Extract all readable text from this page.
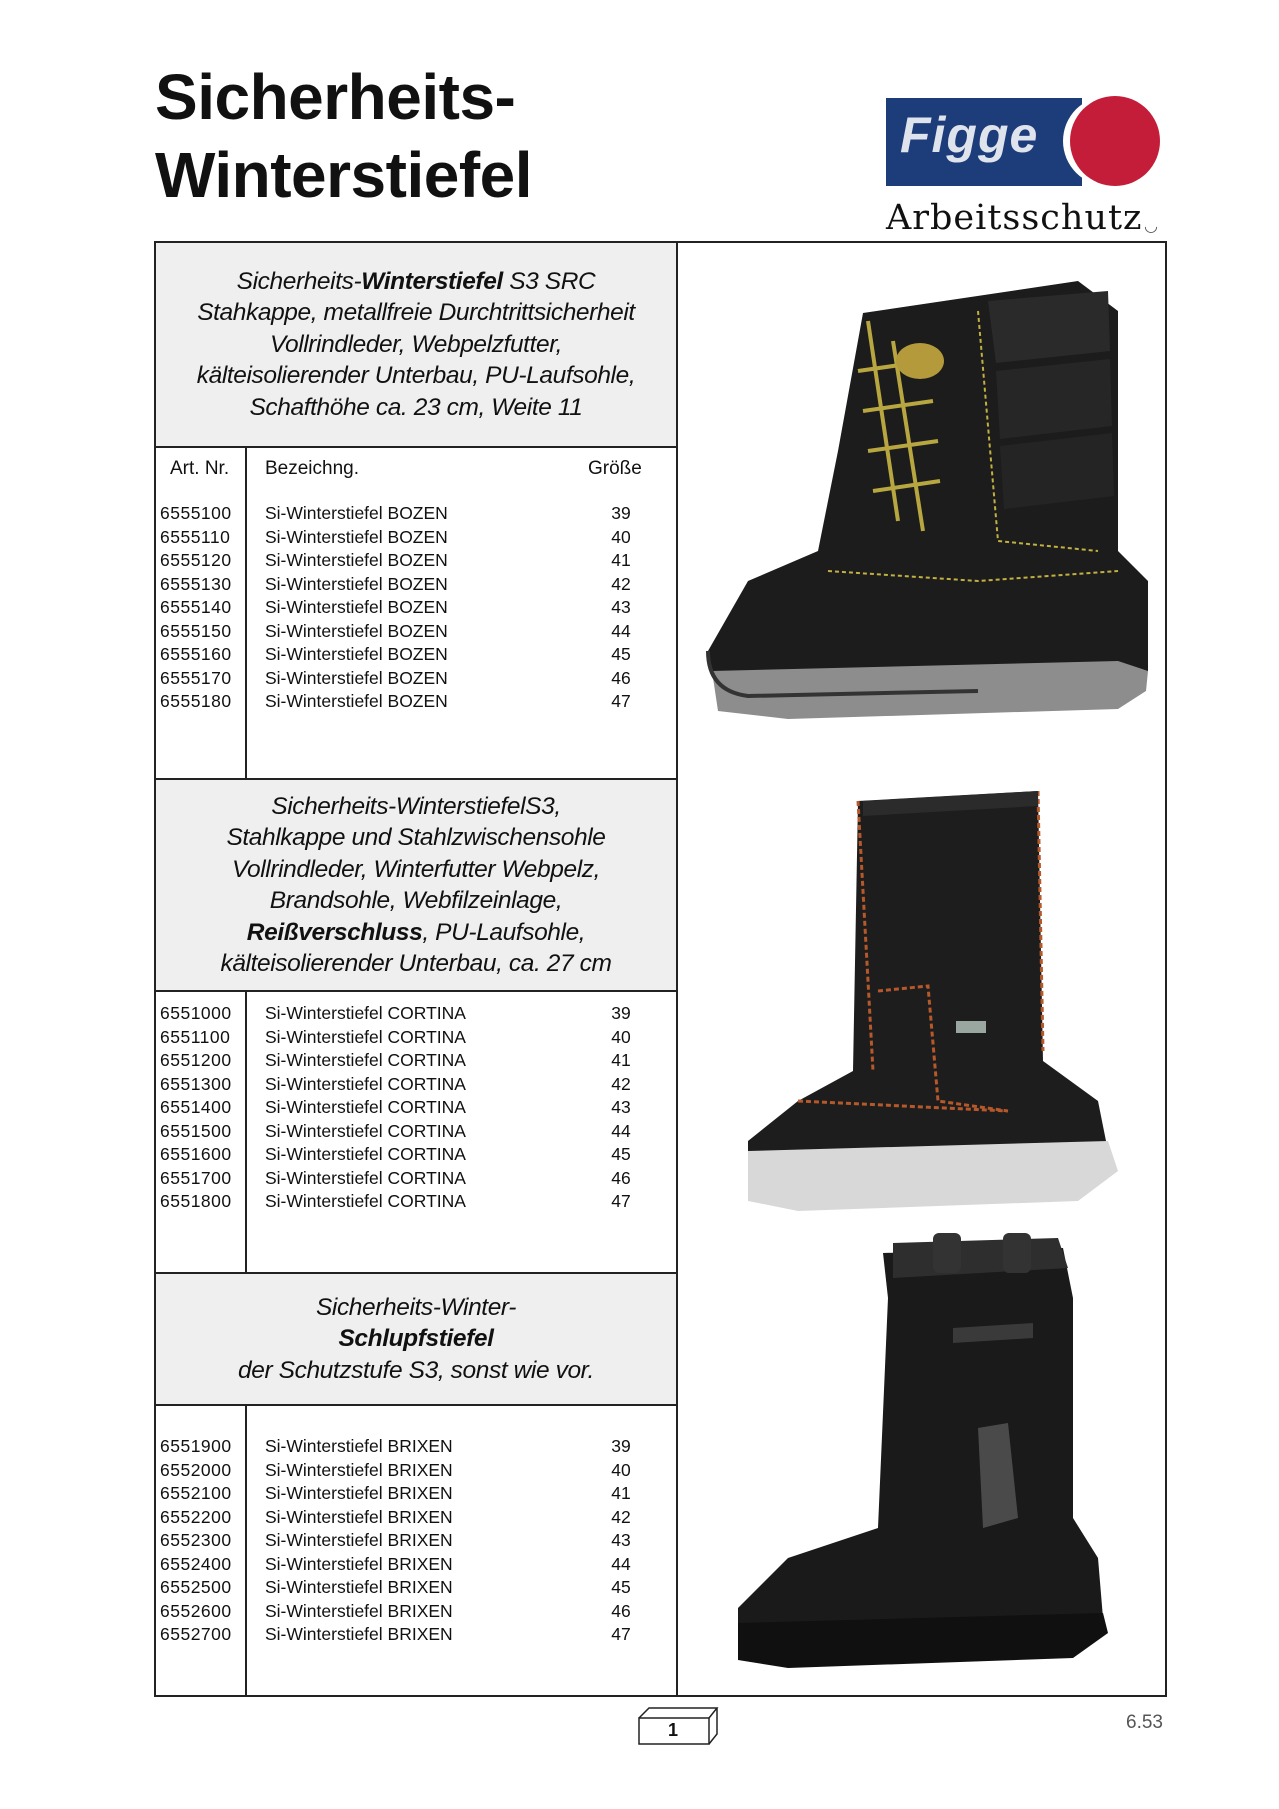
Sicherheits-
Winterstiefel
Figge
Arbeitsschutz ◡
Sicherheits-Winterstiefel S3 SRC
Stahkappe, metallfreie Durchtrittsicherheit
Vollrindleder, Webpelzfutter,
kälteisolierender Unterbau, PU-Laufsohle,
Schafthöhe ca. 23 cm, Weite 11
Art. Nr. Bezeichng.	Größe
6555100 Si-Winterstiefel BOZEN	39
6555110 Si-Winterstiefel BOZEN	40
6555120 Si-Winterstiefel BOZEN	41
6555130 Si-Winterstiefel BOZEN	42
6555140 Si-Winterstiefel BOZEN	43
6555150 Si-Winterstiefel BOZEN	44
6555160 Si-Winterstiefel BOZEN	45
6555170 Si-Winterstiefel BOZEN	46
6555180 Si-Winterstiefel BOZEN	47
Sicherheits-WinterstiefelS3,
Stahlkappe und Stahlzwischensohle
Vollrindleder, Winterfutter Webpelz,
Brandsohle, Webfilzeinlage,
Reißverschluss, PU-Laufsohle,
kälteisolierender Unterbau, ca. 27 cm
6551000 Si-Winterstiefel CORTINA	39
6551100 Si-Winterstiefel CORTINA	40
6551200 Si-Winterstiefel CORTINA	41
6551300 Si-Winterstiefel CORTINA	42
6551400 Si-Winterstiefel CORTINA	43
6551500 Si-Winterstiefel CORTINA	44
6551600 Si-Winterstiefel CORTINA	45
6551700 Si-Winterstiefel CORTINA	46
6551800 Si-Winterstiefel CORTINA	47
Sicherheits-Winter-
Schlupfstiefel
der Schutzstufe S3, sonst wie vor.
6551900 Si-Winterstiefel BRIXEN	39
6552000 Si-Winterstiefel BRIXEN	40
6552100 Si-Winterstiefel BRIXEN	41
6552200 Si-Winterstiefel BRIXEN	42
6552300 Si-Winterstiefel BRIXEN	43
6552400 Si-Winterstiefel BRIXEN	44
6552500 Si-Winterstiefel BRIXEN	45
6552600 Si-Winterstiefel BRIXEN	46
6552700 Si-Winterstiefel BRIXEN	47
1	6.53
